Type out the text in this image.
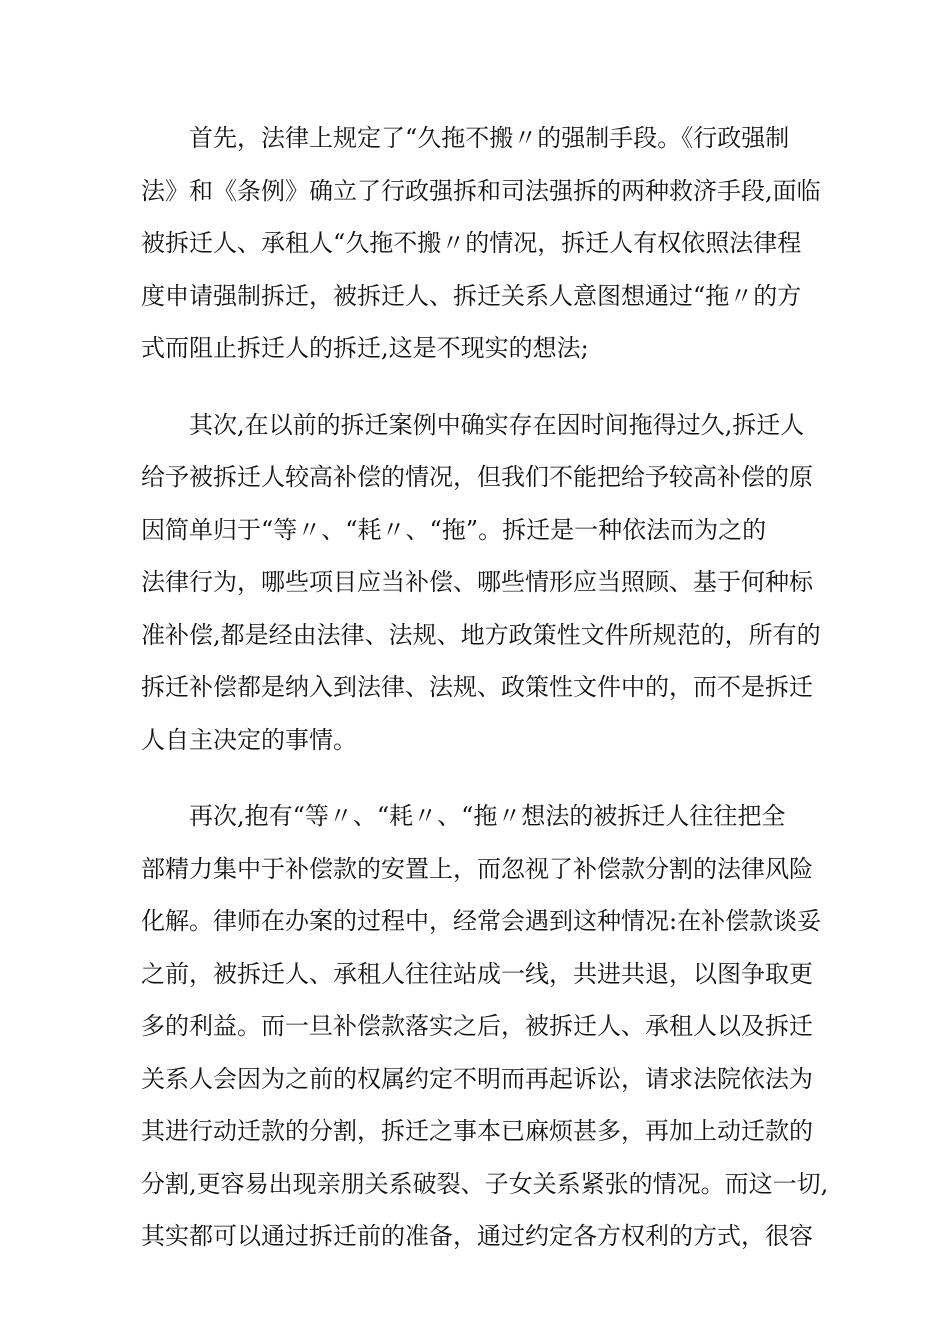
首先，法律上规定了“久拖不搬〃的强制手段。《行政强制
法》和《条例》确立了行政强拆和司法强拆的两种救济手段,面临
被拆迁人、承租人“久拖不搬〃的情况，拆迁人有权依照法律程
度申请强制拆迁，被拆迁人、拆迁关系人意图想通过“拖〃的方
式而阻止拆迁人的拆迁,这是不现实的想法;

其次,在以前的拆迁案例中确实存在因时间拖得过久,拆迁人
给予被拆迁人较高补偿的情况，但我们不能把给予较高补偿的原
因简单归于“等〃、“耗〃、“拖”。拆迁是一种依法而为之的
法律行为，哪些项目应当补偿、哪些情形应当照顾、基于何种标
准补偿,都是经由法律、法规、地方政策性文件所规范的，所有的
拆迁补偿都是纳入到法律、法规、政策性文件中的，而不是拆迁
人自主决定的事情。

再次,抱有“等〃、“耗〃、“拖〃想法的被拆迁人往往把全
部精力集中于补偿款的安置上，而忽视了补偿款分割的法律风险
化解。律师在办案的过程中，经常会遇到这种情况:在补偿款谈妥
之前，被拆迁人、承租人往往站成一线，共进共退，以图争取更
多的利益。而一旦补偿款落实之后，被拆迁人、承租人以及拆迁
关系人会因为之前的权属约定不明而再起诉讼，请求法院依法为
其进行动迁款的分割，拆迁之事本已麻烦甚多，再加上动迁款的
分割,更容易出现亲朋关系破裂、子女关系紧张的情况。而这一切,
其实都可以通过拆迁前的准备，通过约定各方权利的方式，很容
